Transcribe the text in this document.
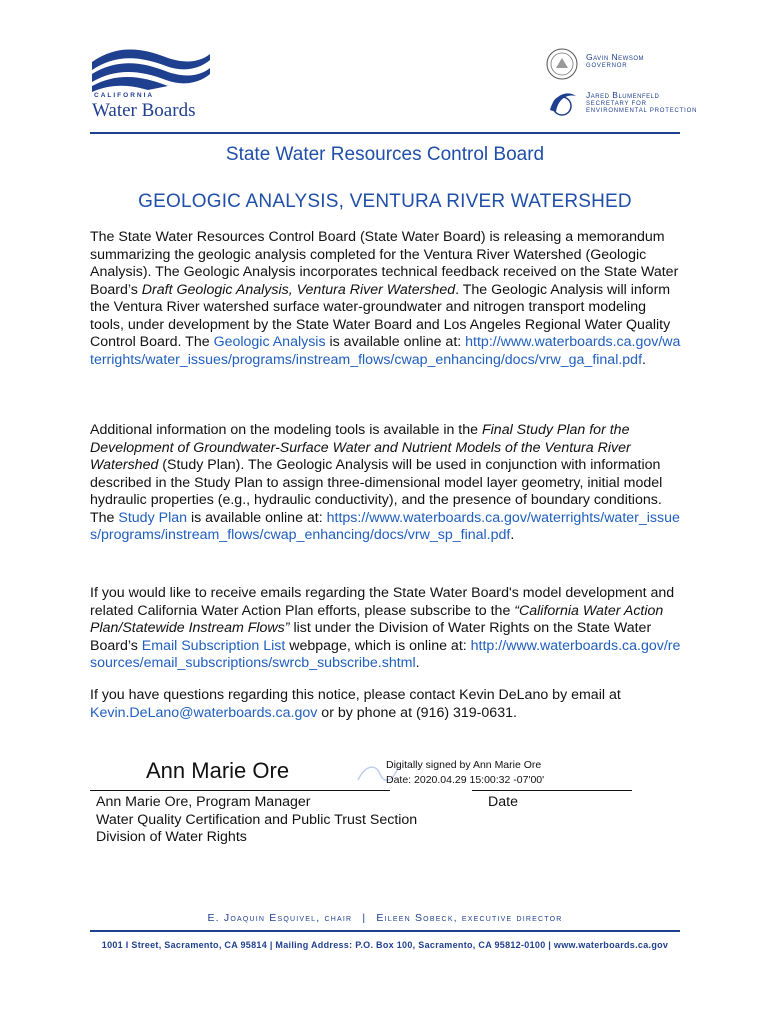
CALIFORNIA
Water Boards
Gavin Newsom
GOVERNOR
Jared Blumenfeld
SECRETARY FOR
ENVIRONMENTAL PROTECTION
State Water Resources Control Board
GEOLOGIC ANALYSIS, VENTURA RIVER WATERSHED

The State Water Resources Control Board (State Water Board) is releasing a memorandum summarizing the geologic analysis completed for the Ventura River Watershed (Geologic Analysis). The Geologic Analysis incorporates technical feedback received on the State Water Board’s Draft Geologic Analysis, Ventura River Watershed. The Geologic Analysis will inform the Ventura River watershed surface water-groundwater and nitrogen transport modeling tools, under development by the State Water Board and Los Angeles Regional Water Quality Control Board. The Geologic Analysis is available online at: http://www.waterboards.ca.gov/waterrights/water_issues/programs/instream_flows/cwap_enhancing/docs/vrw_ga_final.pdf.

Additional information on the modeling tools is available in the Final Study Plan for the Development of Groundwater-Surface Water and Nutrient Models of the Ventura River Watershed (Study Plan). The Geologic Analysis will be used in conjunction with information described in the Study Plan to assign three-dimensional model layer geometry, initial model hydraulic properties (e.g., hydraulic conductivity), and the presence of boundary conditions. The Study Plan is available online at: https://www.waterboards.ca.gov/waterrights/water_issues/programs/instream_flows/cwap_enhancing/docs/vrw_sp_final.pdf.

If you would like to receive emails regarding the State Water Board's model development and related California Water Action Plan efforts, please subscribe to the “California Water Action Plan/Statewide Instream Flows” list under the Division of Water Rights on the State Water Board’s Email Subscription List webpage, which is online at: http://www.waterboards.ca.gov/resources/email_subscriptions/swrcb_subscribe.shtml.

If you have questions regarding this notice, please contact Kevin DeLano by email at Kevin.DeLano@waterboards.ca.gov or by phone at (916) 319-0631.

Ann Marie Ore	Digitally signed by Ann Marie Ore
Date: 2020.04.29 15:00:32 -07'00'
Ann Marie Ore, Program Manager
Water Quality Certification and Public Trust Section
Division of Water Rights
Date
E. Joaquin Esquivel, chair | Eileen Sobeck, executive director
1001 I Street, Sacramento, CA 95814 | Mailing Address: P.O. Box 100, Sacramento, CA 95812-0100 | www.waterboards.ca.gov
